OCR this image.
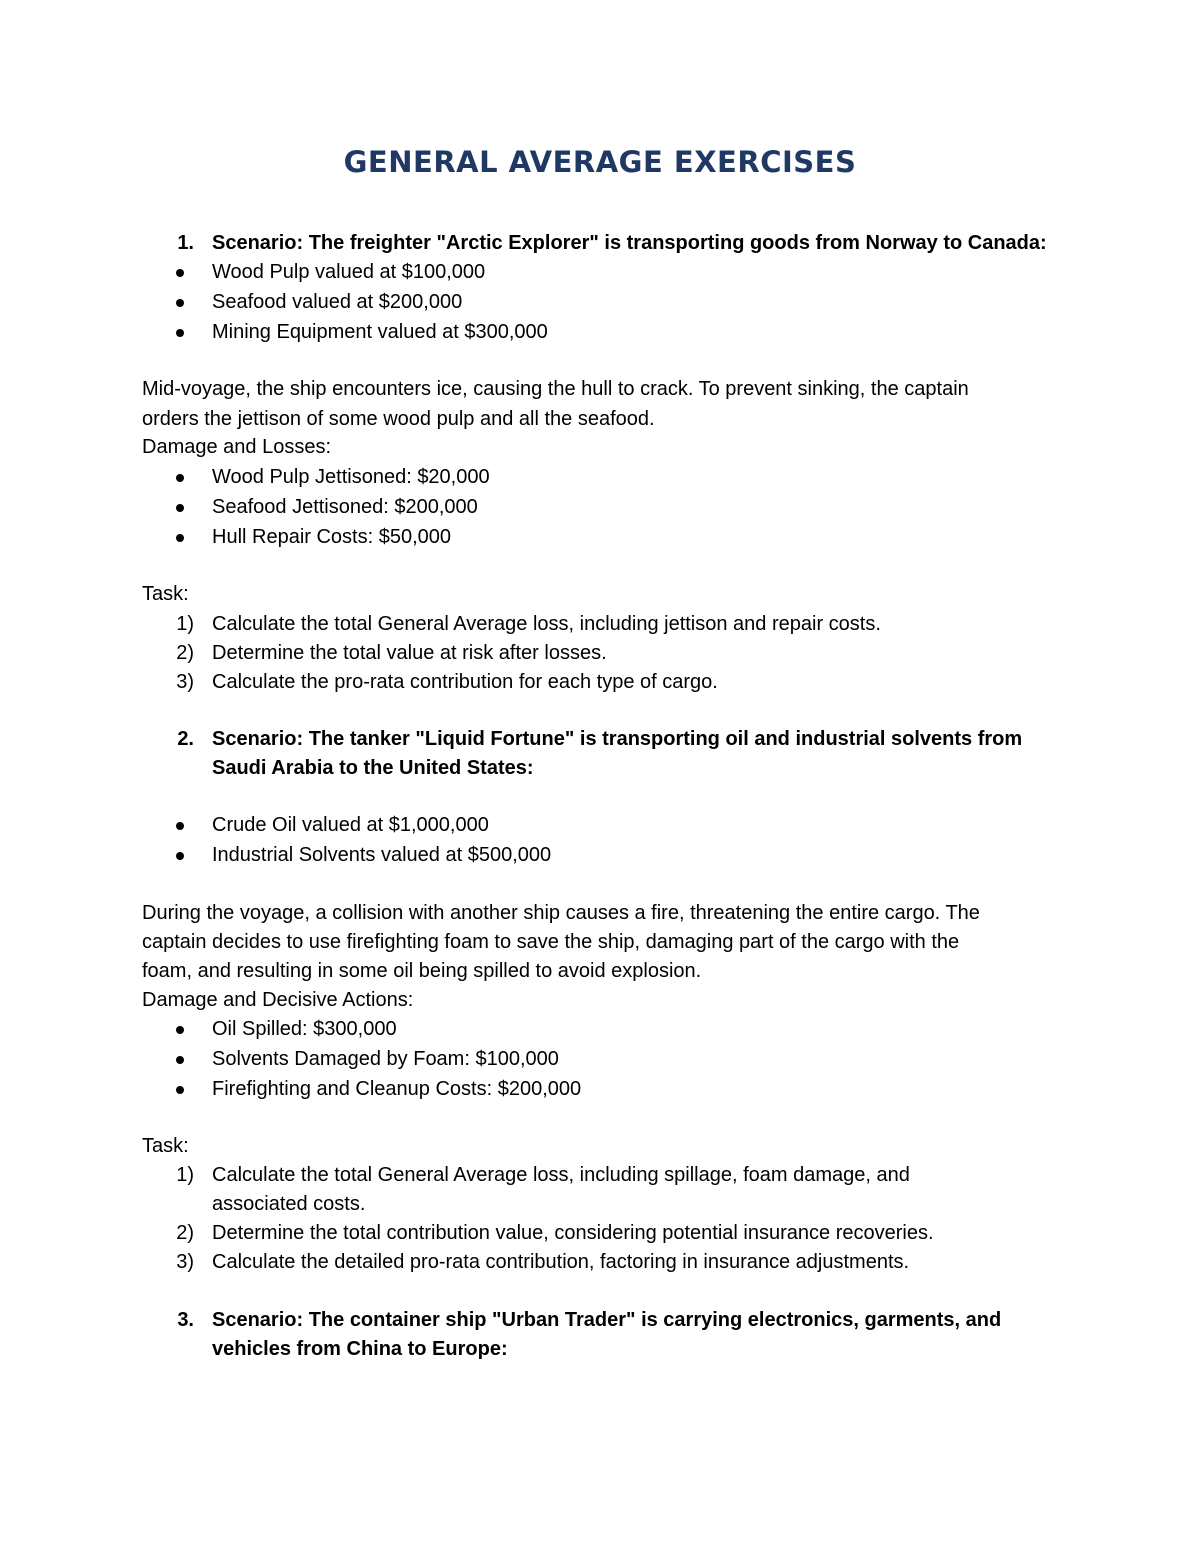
GENERAL AVERAGE EXERCISES
1. Scenario: The freighter "Arctic Explorer" is transporting goods from Norway to Canada:
Wood Pulp valued at $100,000
Seafood valued at $200,000
Mining Equipment valued at $300,000
Mid-voyage, the ship encounters ice, causing the hull to crack. To prevent sinking, the captain
orders the jettison of some wood pulp and all the seafood.
Damage and Losses:
Wood Pulp Jettisoned: $20,000
Seafood Jettisoned: $200,000
Hull Repair Costs: $50,000
Task:
1) Calculate the total General Average loss, including jettison and repair costs.
2) Determine the total value at risk after losses.
3) Calculate the pro-rata contribution for each type of cargo.
2. Scenario: The tanker "Liquid Fortune" is transporting oil and industrial solvents from
Saudi Arabia to the United States:
Crude Oil valued at $1,000,000
Industrial Solvents valued at $500,000
During the voyage, a collision with another ship causes a fire, threatening the entire cargo. The
captain decides to use firefighting foam to save the ship, damaging part of the cargo with the
foam, and resulting in some oil being spilled to avoid explosion.
Damage and Decisive Actions:
Oil Spilled: $300,000
Solvents Damaged by Foam: $100,000
Firefighting and Cleanup Costs: $200,000
Task:
1) Calculate the total General Average loss, including spillage, foam damage, and
associated costs.
2) Determine the total contribution value, considering potential insurance recoveries.
3) Calculate the detailed pro-rata contribution, factoring in insurance adjustments.
3. Scenario: The container ship "Urban Trader" is carrying electronics, garments, and
vehicles from China to Europe:
